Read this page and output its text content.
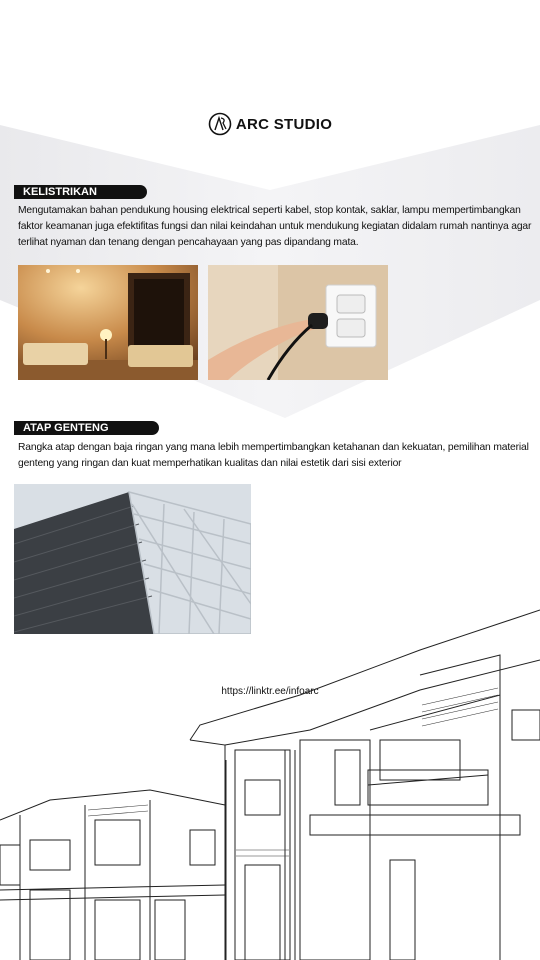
ARC STUDIO
KELISTRIKAN
Mengutamakan bahan pendukung housing elektrical seperti kabel, stop kontak, saklar, lampu mempertimbangkan faktor keamanan juga efektifitas fungsi dan nilai keindahan untuk mendukung kegiatan didalam rumah nantinya agar terlihat nyaman dan tenang dengan pencahayaan yang pas dipandang mata.
ATAP GENTENG
Rangka atap dengan baja ringan yang mana lebih mempertimbangkan ketahanan dan kekuatan, pemilihan material genteng yang ringan dan kuat memperhatikan kualitas dan nilai estetik dari sisi exterior
https://linktr.ee/infoarc
